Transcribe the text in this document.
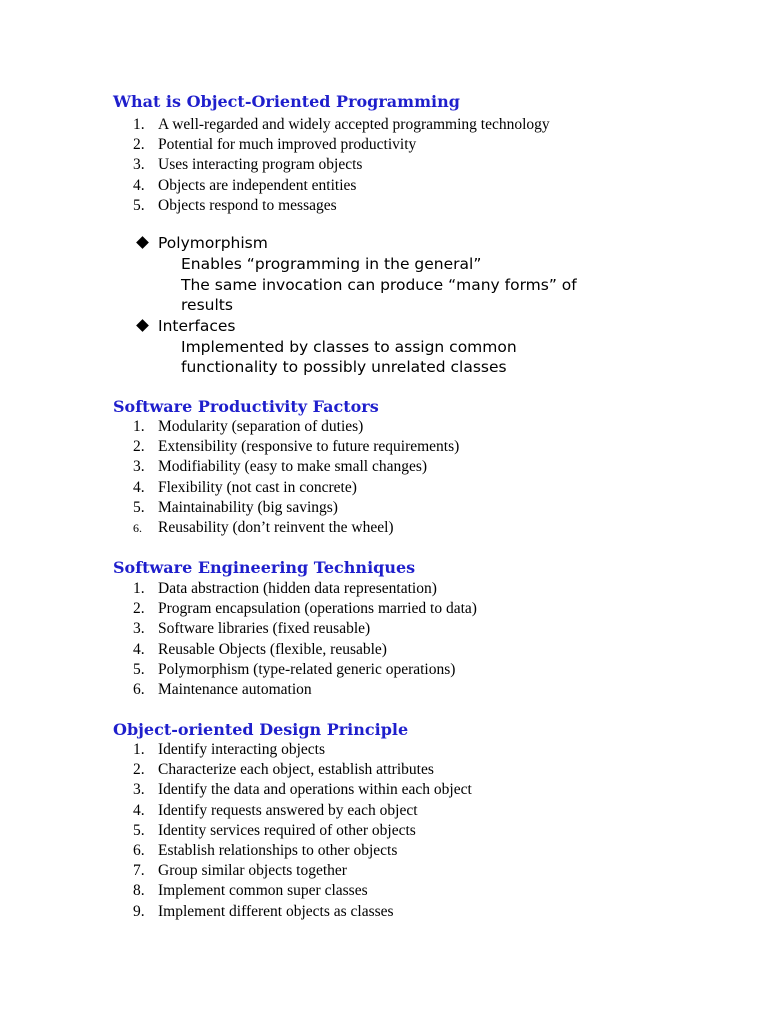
What is Object-Oriented Programming
1. A well-regarded and widely accepted programming technology
2. Potential for much improved productivity
3. Uses interacting program objects
4. Objects are independent entities
5. Objects respond to messages
Polymorphism
Enables “programming in the general”
The same invocation can produce “many forms” of
results
Interfaces
Implemented by classes to assign common
functionality to possibly unrelated classes
Software Productivity Factors
1. Modularity (separation of duties)
2. Extensibility (responsive to future requirements)
3. Modifiability (easy to make small changes)
4. Flexibility (not cast in concrete)
5. Maintainability (big savings)
6.	Reusability (don’t reinvent the wheel)
Software Engineering Techniques
1. Data abstraction (hidden data representation)
2. Program encapsulation (operations married to data)
3. Software libraries (fixed reusable)
4. Reusable Objects (flexible, reusable)
5. Polymorphism (type-related generic operations)
6. Maintenance automation
Object-oriented Design Principle
1. Identify interacting objects
2. Characterize each object, establish attributes
3. Identify the data and operations within each object
4. Identify requests answered by each object
5. Identity services required of other objects
6. Establish relationships to other objects
7. Group similar objects together
8. Implement common super classes
9. Implement different objects as classes
